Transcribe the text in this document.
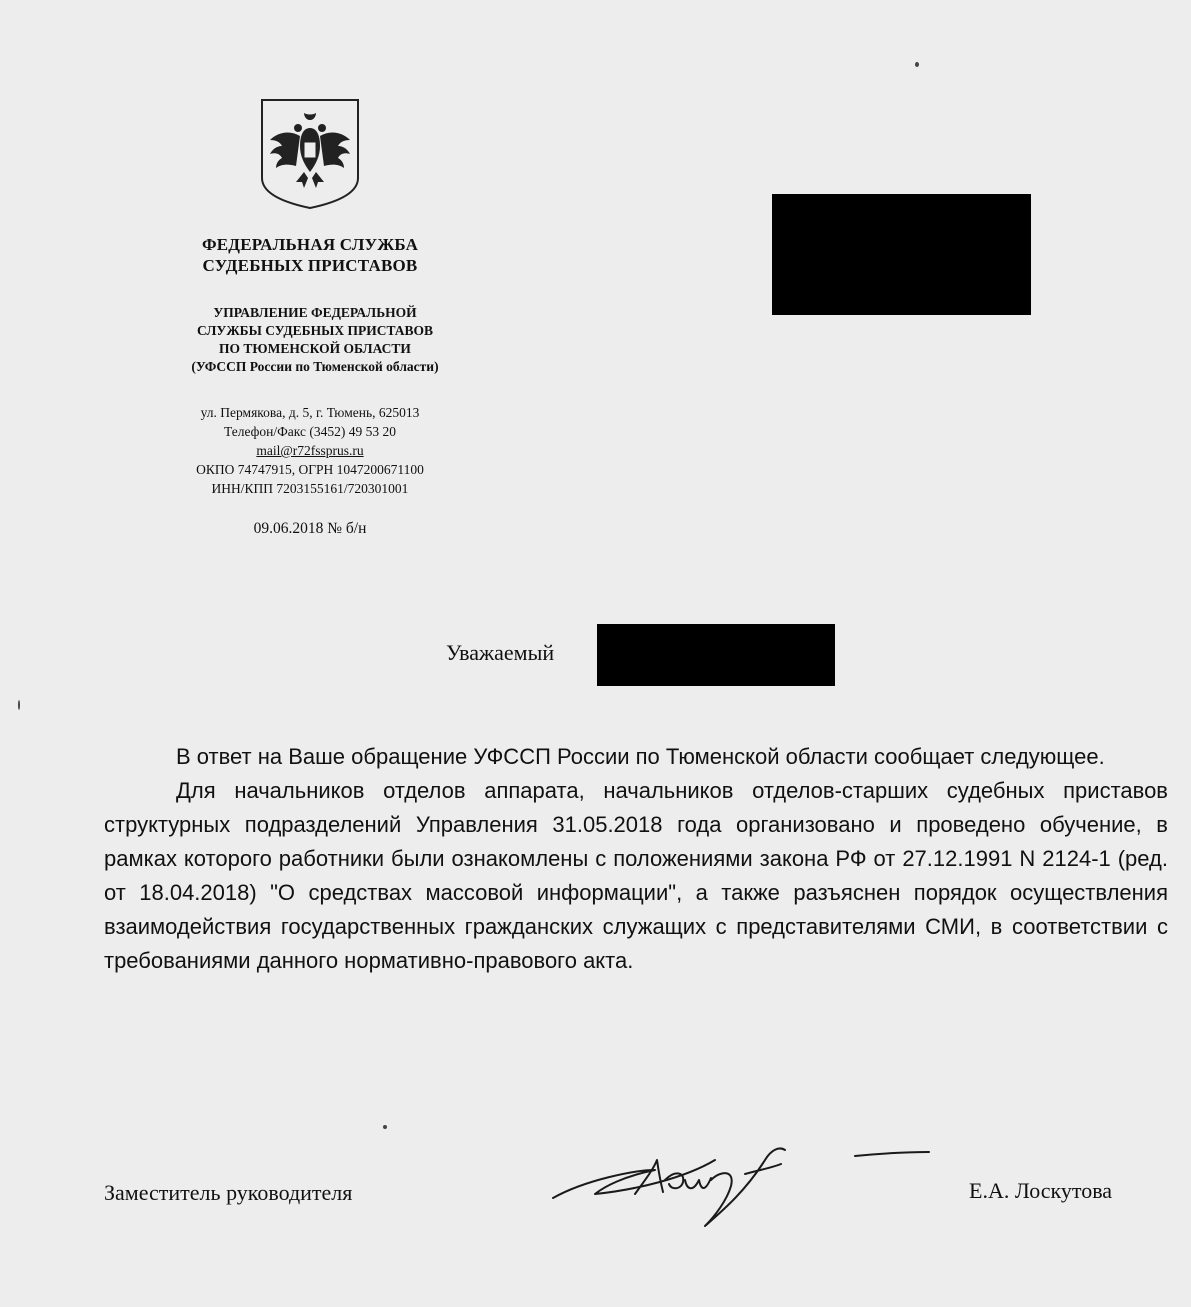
ФЕДЕРАЛЬНАЯ СЛУЖБА
СУДЕБНЫХ ПРИСТАВОВ
УПРАВЛЕНИЕ ФЕДЕРАЛЬНОЙ
СЛУЖБЫ СУДЕБНЫХ ПРИСТАВОВ
ПО ТЮМЕНСКОЙ ОБЛАСТИ
(УФССП России по Тюменской области)
ул. Пермякова, д. 5, г. Тюмень, 625013
Телефон/Факс (3452) 49 53 20
mail@r72fssprus.ru
ОКПО 74747915, ОГРН 1047200671100
ИНН/КПП 7203155161/720301001
09.06.2018 № б/н
Уважаемый

В ответ на Ваше обращение УФССП России по Тюменской области сообщает следующее.

Для начальников отделов аппарата, начальников отделов-старших судебных приставов структурных подразделений Управления 31.05.2018 года организовано и проведено обучение, в рамках которого работники были ознакомлены с положениями закона РФ от 27.12.1991 N 2124-1 (ред. от 18.04.2018) "О средствах массовой информации", а также разъяснен порядок осуществления взаимодействия государственных гражданских служащих с представителями СМИ, в соответствии с требованиями данного нормативно-правового акта.

Заместитель руководителя	Е.А. Лоскутова
